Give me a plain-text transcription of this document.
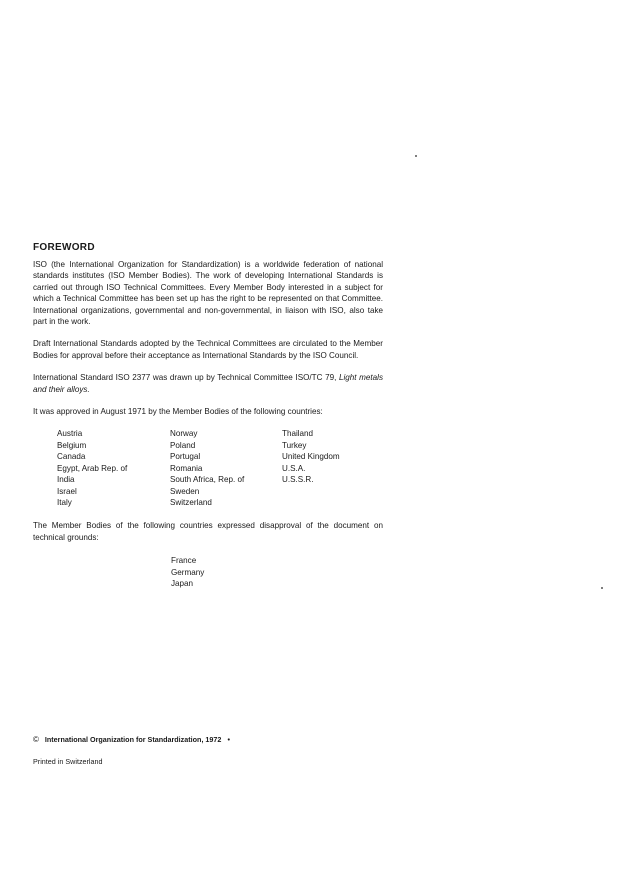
FOREWORD

ISO (the International Organization for Standardization) is a worldwide federation of national standards institutes (ISO Member Bodies). The work of developing International Standards is carried out through ISO Technical Committees. Every Member Body interested in a subject for which a Technical Committee has been set up has the right to be represented on that Committee. International organizations, governmental and non-governmental, in liaison with ISO, also take part in the work.

Draft International Standards adopted by the Technical Committees are circulated to the Member Bodies for approval before their acceptance as International Standards by the ISO Council.

International Standard ISO 2377 was drawn up by Technical Committee ISO/TC 79, Light metals and their alloys.

It was approved in August 1971 by the Member Bodies of the following countries:

Austria
Belgium
Canada
Egypt, Arab Rep. of
India
Israel
Italy
Norway
Poland
Portugal
Romania
South Africa, Rep. of
Sweden
Switzerland
Thailand
Turkey
United Kingdom
U.S.A.
U.S.S.R.

The Member Bodies of the following countries expressed disapproval of the document on technical grounds:

France
Germany
Japan
© International Organization for Standardization, 1972 •
Printed in Switzerland
